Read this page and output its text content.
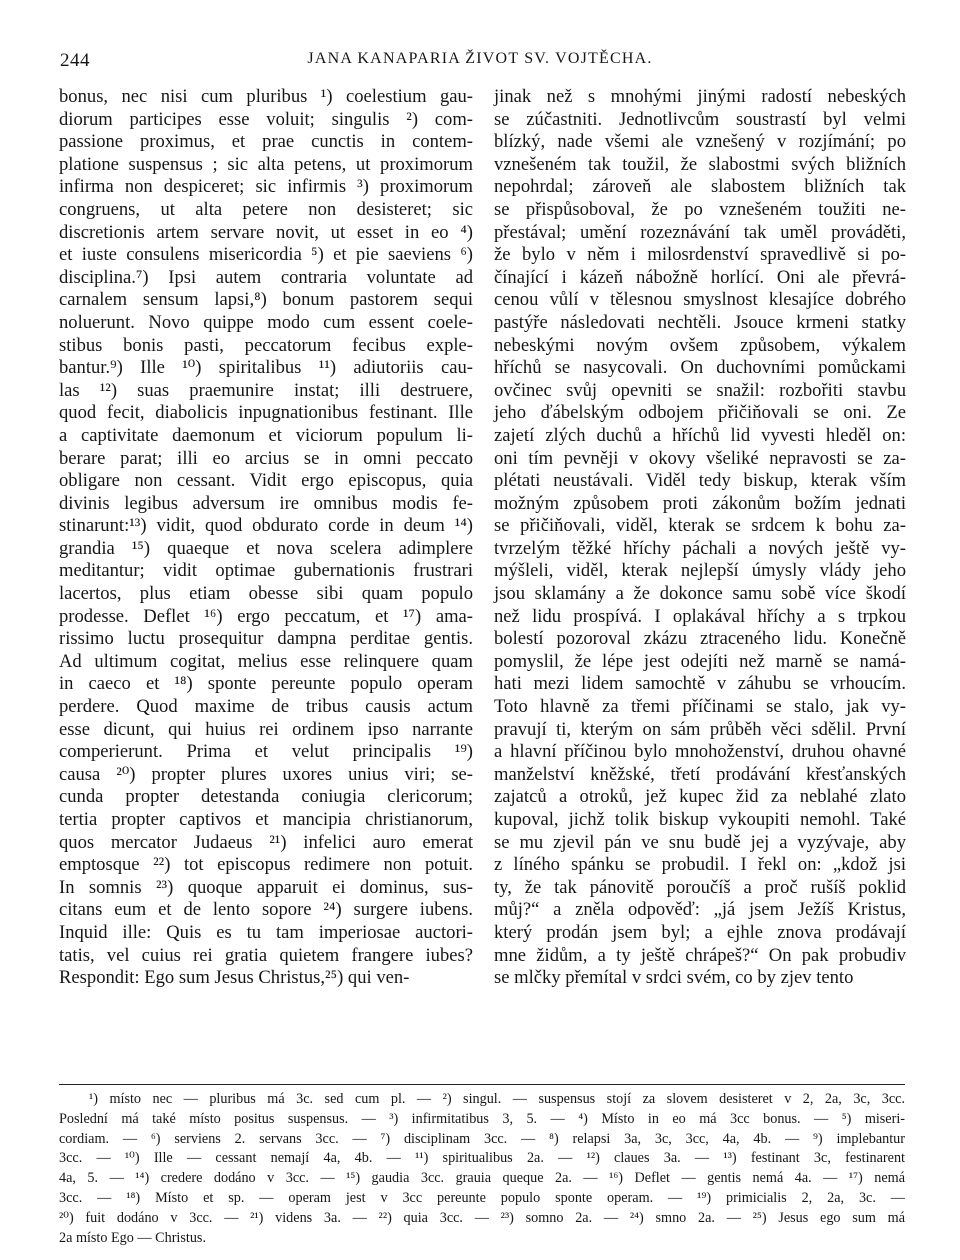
244	JANA KANAPARIA ŽIVOT SV. VOJTĚCHA.
bonus, nec nisi cum pluribus ¹) coelestium gau-
diorum participes esse voluit; singulis ²) com-
passione proximus, et prae cunctis in contem-
platione suspensus ; sic alta petens, ut proximorum
infirma non despiceret; sic infirmis ³) proximorum
congruens, ut alta petere non desisteret; sic
discretionis artem servare novit, ut esset in eo ⁴)
et iuste consulens misericordia ⁵) et pie saeviens ⁶)
disciplina.⁷) Ipsi autem contraria voluntate ad
carnalem sensum lapsi,⁸) bonum pastorem sequi
noluerunt. Novo quippe modo cum essent coele-
stibus bonis pasti, peccatorum fecibus exple-
bantur.⁹) Ille ¹⁰) spiritalibus ¹¹) adiutoriis cau-
las ¹²) suas praemunire instat; illi destruere,
quod fecit, diabolicis inpugnationibus festinant. Ille
a captivitate daemonum et viciorum populum li-
berare parat; illi eo arcius se in omni peccato
obligare non cessant. Vidit ergo episcopus, quia
divinis legibus adversum ire omnibus modis fe-
stinarunt:¹³) vidit, quod obdurato corde in deum ¹⁴)
grandia ¹⁵) quaeque et nova scelera adimplere
meditantur; vidit optimae gubernationis frustrari
lacertos, plus etiam obesse sibi quam populo
prodesse. Deflet ¹⁶) ergo peccatum, et ¹⁷) ama-
rissimo luctu prosequitur dampna perditae gentis.
Ad ultimum cogitat, melius esse relinquere quam
in caeco et ¹⁸) sponte pereunte populo operam
perdere. Quod maxime de tribus causis actum
esse dicunt, qui huius rei ordinem ipso narrante
comperierunt. Prima et velut principalis ¹⁹)
causa ²⁰) propter plures uxores unius viri; se-
cunda propter detestanda coniugia clericorum;
tertia propter captivos et mancipia christianorum,
quos mercator Judaeus ²¹) infelici auro emerat
emptosque ²²) tot episcopus redimere non potuit.
In somnis ²³) quoque apparuit ei dominus, sus-
citans eum et de lento sopore ²⁴) surgere iubens.
Inquid ille: Quis es tu tam imperiosae auctori-
tatis, vel cuius rei gratia quietem frangere iubes?
Respondit: Ego sum Jesus Christus,²⁵) qui ven-
jinak než s mnohými jinými radostí nebeských
se zúčastniti. Jednotlivcům soustrastí byl velmi
blízký, nade všemi ale vznešený v rozjímání; po
vznešeném tak toužil, že slabostmi svých bližních
nepohrdal; zároveň ale slabostem bližních tak
se přispůsoboval, že po vznešeném toužiti ne-
přestával; umění rozeznávání tak uměl prováděti,
že bylo v něm i milosrdenství spravedlivě si po-
čínající i kázeň nábožně horlící. Oni ale převrá-
cenou vůlí v tělesnou smyslnost klesajíce dobrého
pastýře následovati nechtěli. Jsouce krmeni statky
nebeskými novým ovšem způsobem, výkalem
hříchů se nasycovali. On duchovními pomůckami
ovčinec svůj opevniti se snažil: rozbořiti stavbu
jeho ďábelským odbojem přičiňovali se oni. Ze
zajetí zlých duchů a hříchů lid vyvesti hleděl on:
oni tím pevněji v okovy všeliké nepravosti se za-
plétati neustávali. Viděl tedy biskup, kterak vším
možným způsobem proti zákonům božím jednati
se přičiňovali, viděl, kterak se srdcem k bohu za-
tvrzelým těžké hříchy páchali a nových ještě vy-
mýšleli, viděl, kterak nejlepší úmysly vlády jeho
jsou sklamány a že dokonce samu sobě více škodí
než lidu prospívá. I oplakával hříchy a s trpkou
bolestí pozoroval zkázu ztraceného lidu. Konečně
pomyslil, že lépe jest odejíti než marně se namá-
hati mezi lidem samochtě v záhubu se vrhoucím.
Toto hlavně za třemi příčinami se stalo, jak vy-
pravují ti, kterým on sám průběh věci sdělil. První
a hlavní příčinou bylo mnohoženství, druhou ohavné
manželství kněžské, třetí prodávání křesťanských
zajatců a otroků, jež kupec žid za neblahé zlato
kupoval, jichž tolik biskup vykoupiti nemohl. Také
se mu zjevil pán ve snu budě jej a vyzývaje, aby
z líného spánku se probudil. I řekl on: „kdož jsi
ty, že tak pánovitě poroučíš a proč rušíš poklid
můj?“ a zněla odpověď: „já jsem Ježíš Kristus,
který prodán jsem byl; a ejhle znova prodávají
mne židům, a ty ještě chrápeš?“ On pak probudiv
se mlčky přemítal v srdci svém, co by zjev tento
¹) místo nec — pluribus má 3c. sed cum pl. — ²) singul. — suspensus stojí za slovem desisteret v 2, 2a, 3c, 3cc.
Poslední má také místo positus suspensus. — ³) infirmitatibus 3, 5. — ⁴) Místo in eo má 3cc bonus. — ⁵) miseri-
cordiam. — ⁶) serviens 2. servans 3cc. — ⁷) disciplinam 3cc. — ⁸) relapsi 3a, 3c, 3cc, 4a, 4b. — ⁹) implebantur
3cc. — ¹⁰) Ille — cessant nemají 4a, 4b. — ¹¹) spiritualibus 2a. — ¹²) claues 3a. — ¹³) festinant 3c, festinarent
4a, 5. — ¹⁴) credere dodáno v 3cc. — ¹⁵) gaudia 3cc. grauia queque 2a. — ¹⁶) Deflet — gentis nemá 4a. — ¹⁷) nemá
3cc. — ¹⁸) Místo et sp. — operam jest v 3cc pereunte populo sponte operam. — ¹⁹) primicialis 2, 2a, 3c. —
²⁰) fuit dodáno v 3cc. — ²¹) videns 3a. — ²²) quia 3cc. — ²³) somno 2a. — ²⁴) smno 2a. — ²⁵) Jesus ego sum má
2a místo Ego — Christus.
